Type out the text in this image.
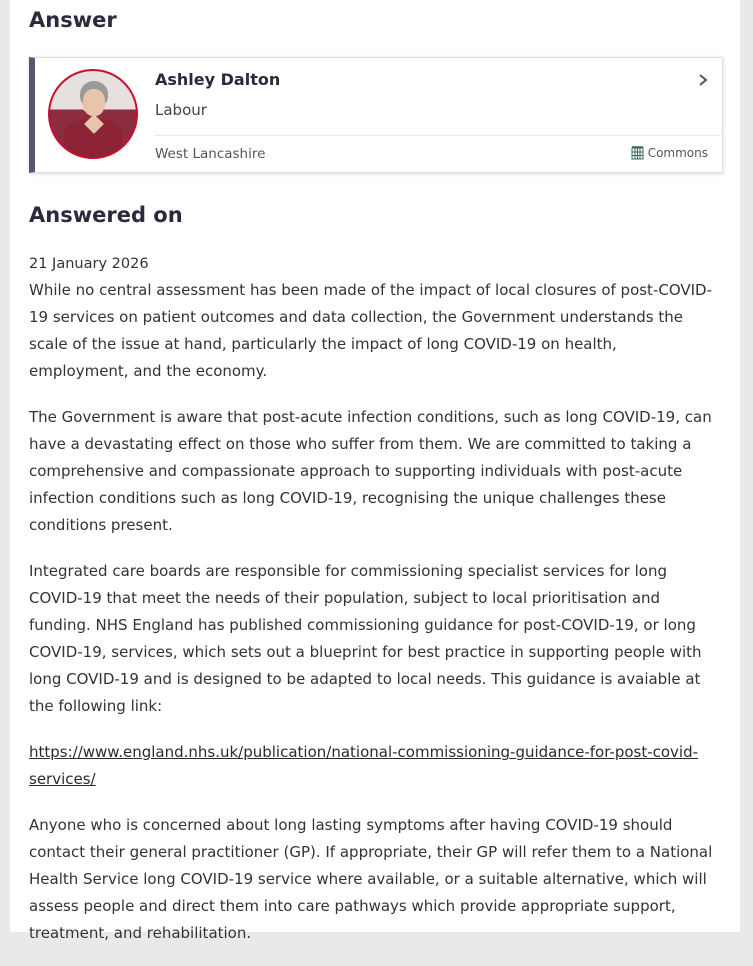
Answer
Ashley Dalton
Labour
West Lancashire	Commons
Answered on
21 January 2026

While no central assessment has been made of the impact of local closures of post-COVID-19 services on patient outcomes and data collection, the Government understands the scale of the issue at hand, particularly the impact of long COVID-19 on health, employment, and the economy.

The Government is aware that post-acute infection conditions, such as long COVID-19, can have a devastating effect on those who suffer from them. We are committed to taking a comprehensive and compassionate approach to supporting individuals with post-acute infection conditions such as long COVID-19, recognising the unique challenges these conditions present.

Integrated care boards are responsible for commissioning specialist services for long COVID-19 that meet the needs of their population, subject to local prioritisation and funding. NHS England has published commissioning guidance for post-COVID-19, or long COVID-19, services, which sets out a blueprint for best practice in supporting people with long COVID-19 and is designed to be adapted to local needs. This guidance is avaiable at the following link:

https://www.england.nhs.uk/publication/national-commissioning-guidance-for-post-covid-services/

Anyone who is concerned about long lasting symptoms after having COVID-19 should contact their general practitioner (GP). If appropriate, their GP will refer them to a National Health Service long COVID-19 service where available, or a suitable alternative, which will assess people and direct them into care pathways which provide appropriate support, treatment, and rehabilitation.
